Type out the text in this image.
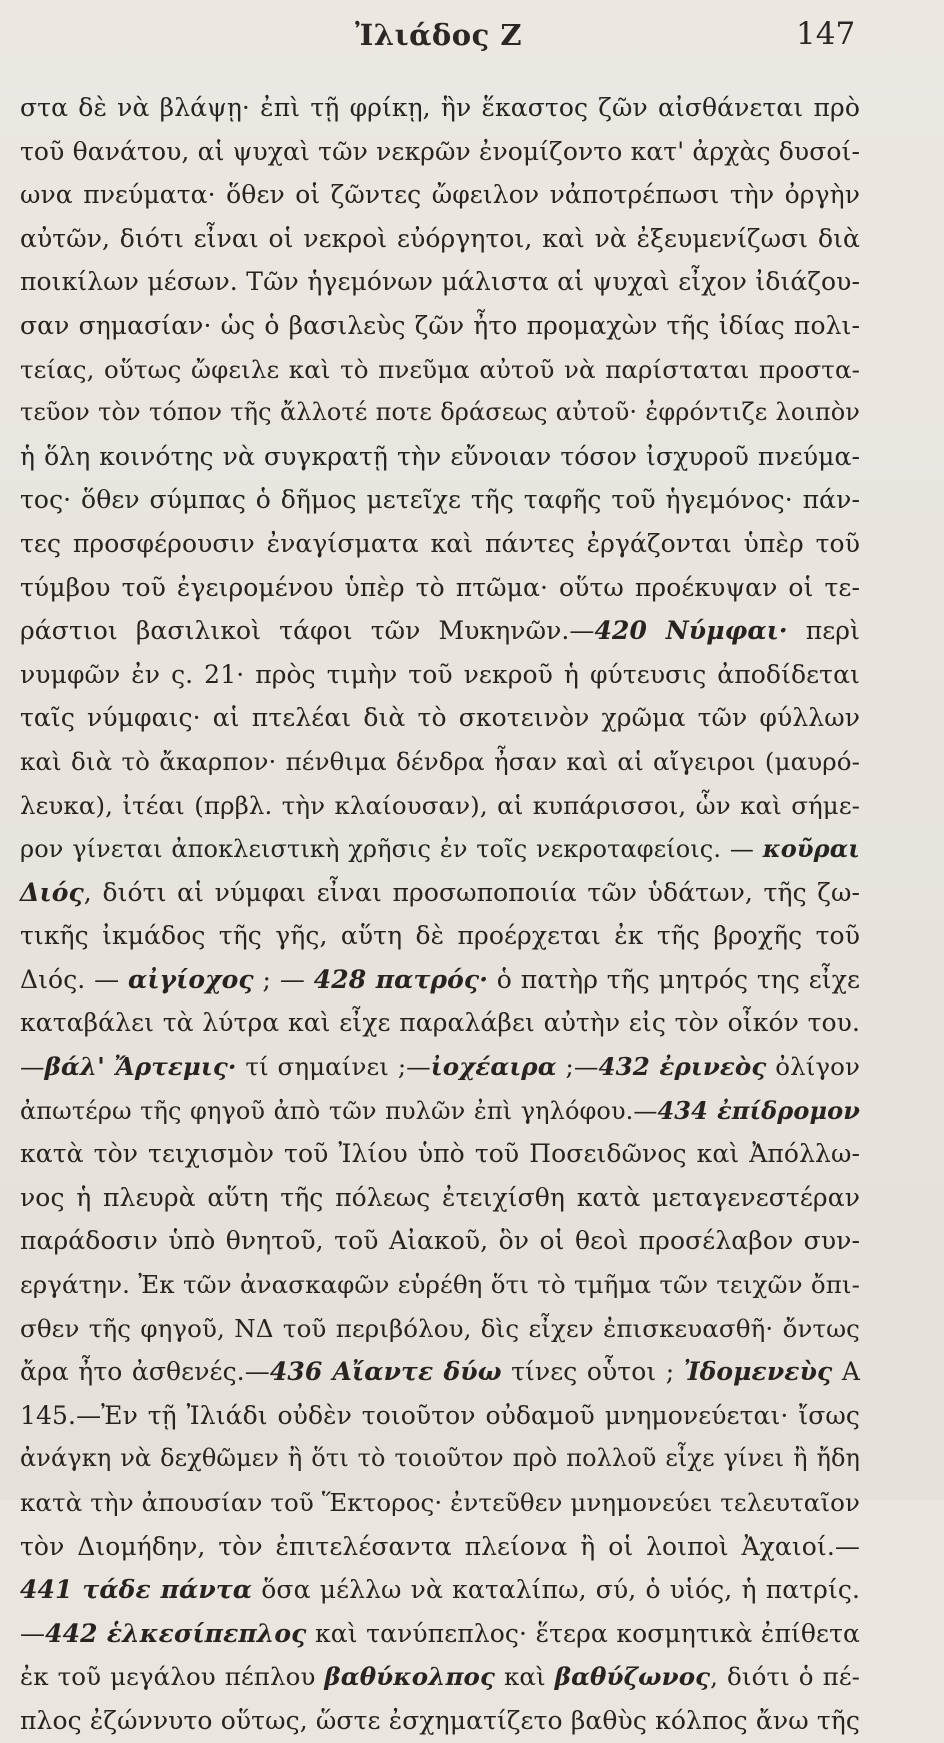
Ἰλιάδος Ζ	147
στα δὲ νὰ βλάψῃ· ἐπὶ τῇ φρίκῃ, ἣν ἕκαστος ζῶν αἰσθάνεται πρὸ
τοῦ θανάτου, αἱ ψυχαὶ τῶν νεκρῶν ἐνομίζοντο κατ' ἀρχὰς δυσοί-
ωνα πνεύματα· ὅθεν οἱ ζῶντες ὤφειλον νἀποτρέπωσι τὴν ὀργὴν
αὐτῶν, διότι εἶναι οἱ νεκροὶ εὐόργητοι, καὶ νὰ ἐξευμενίζωσι διὰ
ποικίλων μέσων. Τῶν ἡγεμόνων μάλιστα αἱ ψυχαὶ εἶχον ἰδιάζου-
σαν σημασίαν· ὡς ὁ βασιλεὺς ζῶν ἦτο προμαχὼν τῆς ἰδίας πολι-
τείας, οὕτως ὤφειλε καὶ τὸ πνεῦμα αὐτοῦ νὰ παρίσταται προστα-
τεῦον τὸν τόπον τῆς ἄλλοτέ ποτε δράσεως αὐτοῦ· ἐφρόντιζε λοιπὸν
ἡ ὅλη κοινότης νὰ συγκρατῇ τὴν εὔνοιαν τόσον ἰσχυροῦ πνεύμα-
τος· ὅθεν σύμπας ὁ δῆμος μετεῖχε τῆς ταφῆς τοῦ ἡγεμόνος· πάν-
τες προσφέρουσιν ἐναγίσματα καὶ πάντες ἐργάζονται ὑπὲρ τοῦ
τύμβου τοῦ ἐγειρομένου ὑπὲρ τὸ πτῶμα· οὕτω προέκυψαν οἱ τε-
ράστιοι βασιλικοὶ τάφοι τῶν Μυκηνῶν.—420 Νύμφαι· περὶ
νυμφῶν ἐν ς. 21· πρὸς τιμὴν τοῦ νεκροῦ ἡ φύτευσις ἀποδίδεται
ταῖς νύμφαις· αἱ πτελέαι διὰ τὸ σκοτεινὸν χρῶμα τῶν φύλλων
καὶ διὰ τὸ ἄκαρπον· πένθιμα δένδρα ἦσαν καὶ αἱ αἴγειροι (μαυρό-
λευκα), ἰτέαι (πρβλ. τὴν κλαίουσαν), αἱ κυπάρισσοι, ὧν καὶ σήμε-
ρον γίνεται ἀποκλειστικὴ χρῆσις ἐν τοῖς νεκροταφείοις. — κοῦραι
Διός, διότι αἱ νύμφαι εἶναι προσωποποιία τῶν ὑδάτων, τῆς ζω-
τικῆς ἰκμάδος τῆς γῆς, αὕτη δὲ προέρχεται ἐκ τῆς βροχῆς τοῦ
Διός. — αἰγίοχος ; — 428 πατρός· ὁ πατὴρ τῆς μητρός της εἶχε
καταβάλει τὰ λύτρα καὶ εἶχε παραλάβει αὐτὴν εἰς τὸν οἶκόν του.
—βάλ' Ἄρτεμις· τί σημαίνει ;—ἰοχέαιρα ;—432 ἐρινεὸς ὀλίγον
ἀπωτέρω τῆς φηγοῦ ἀπὸ τῶν πυλῶν ἐπὶ γηλόφου.—434 ἐπίδρομον
κατὰ τὸν τειχισμὸν τοῦ Ἰλίου ὑπὸ τοῦ Ποσειδῶνος καὶ Ἀπόλλω-
νος ἡ πλευρὰ αὕτη τῆς πόλεως ἐτειχίσθη κατὰ μεταγενεστέραν
παράδοσιν ὑπὸ θνητοῦ, τοῦ Αἰακοῦ, ὃν οἱ θεοὶ προσέλαβον συν-
εργάτην. Ἐκ τῶν ἀνασκαφῶν εὑρέθη ὅτι τὸ τμῆμα τῶν τειχῶν ὄπι-
σθεν τῆς φηγοῦ, ΝΔ τοῦ περιβόλου, δὶς εἶχεν ἐπισκευασθῆ· ὄντως
ἄρα ἦτο ἀσθενές.—436 Αἴαντε δύω τίνες οὗτοι ; Ἰδομενεὺς Α
145.—Ἐν τῇ Ἰλιάδι οὐδὲν τοιοῦτον οὐδαμοῦ μνημονεύεται· ἴσως
ἀνάγκη νὰ δεχθῶμεν ἢ ὅτι τὸ τοιοῦτον πρὸ πολλοῦ εἶχε γίνει ἢ ἤδη
κατὰ τὴν ἀπουσίαν τοῦ Ἕκτορος· ἐντεῦθεν μνημονεύει τελευταῖον
τὸν Διομήδην, τὸν ἐπιτελέσαντα πλείονα ἢ οἱ λοιποὶ Ἀχαιοί.—
441 τάδε πάντα ὅσα μέλλω νὰ καταλίπω, σύ, ὁ υἱός, ἡ πατρίς.
—442 ἑλκεσίπεπλος καὶ τανύπεπλος· ἕτερα κοσμητικὰ ἐπίθετα
ἐκ τοῦ μεγάλου πέπλου βαθύκολπος καὶ βαθύζωνος, διότι ὁ πέ-
πλος ἐζώννυτο οὕτως, ὥστε ἐσχηματίζετο βαθὺς κόλπος ἄνω τῆς
